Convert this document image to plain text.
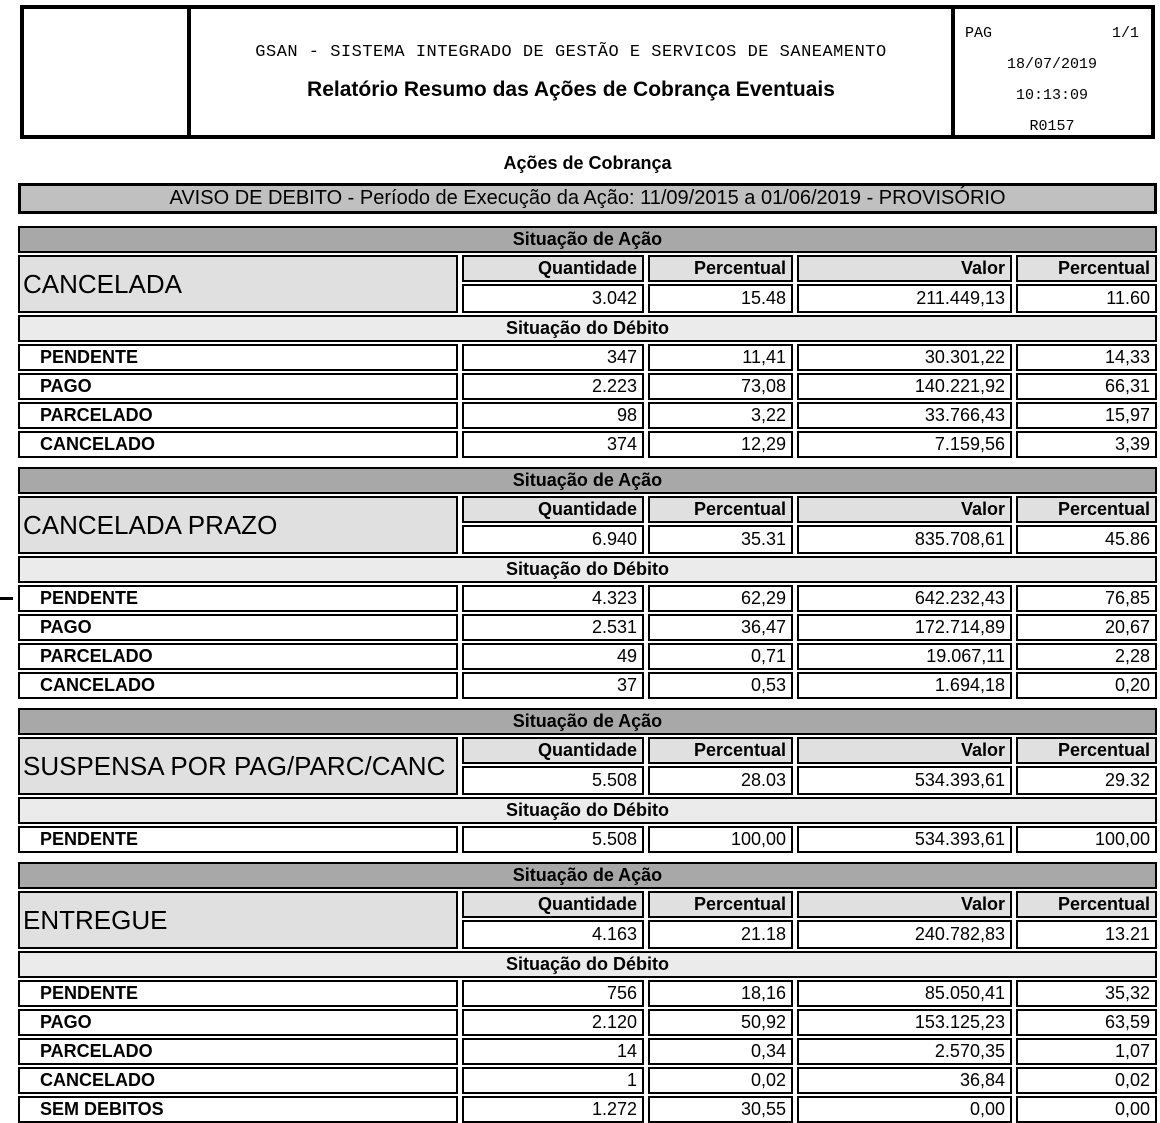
GSAN - SISTEMA INTEGRADO DE GESTÃO E SERVICOS DE SANEAMENTO
Relatório Resumo das Ações de Cobrança Eventuais
PAG	1/1
18/07/2019
10:13:09
R0157
Ações de Cobrança
AVISO DE DEBITO - Período de Execução da Ação: 11/09/2015 a 01/06/2019 - PROVISÓRIO
Situação de Ação
CANCELADA
Quantidade	Percentual	Valor	Percentual
3.042	15.48	211.449,13	11.60
Situação do Débito
PENDENTE	347	11,41	30.301,22	14,33
PAGO	2.223	73,08	140.221,92	66,31
PARCELADO	98	3,22	33.766,43	15,97
CANCELADO	374	12,29	7.159,56	3,39
Situação de Ação
CANCELADA PRAZO
Quantidade	Percentual	Valor	Percentual
6.940	35.31	835.708,61	45.86
Situação do Débito
PENDENTE	4.323	62,29	642.232,43	76,85
PAGO	2.531	36,47	172.714,89	20,67
PARCELADO	49	0,71	19.067,11	2,28
CANCELADO	37	0,53	1.694,18	0,20
Situação de Ação
SUSPENSA POR PAG/PARC/CANC
Quantidade	Percentual	Valor	Percentual
5.508	28.03	534.393,61	29.32
Situação do Débito
PENDENTE	5.508	100,00	534.393,61	100,00
Situação de Ação
ENTREGUE
Quantidade	Percentual	Valor	Percentual
4.163	21.18	240.782,83	13.21
Situação do Débito
PENDENTE	756	18,16	85.050,41	35,32
PAGO	2.120	50,92	153.125,23	63,59
PARCELADO	14	0,34	2.570,35	1,07
CANCELADO	1	0,02	36,84	0,02
SEM DEBITOS	1.272	30,55	0,00	0,00
